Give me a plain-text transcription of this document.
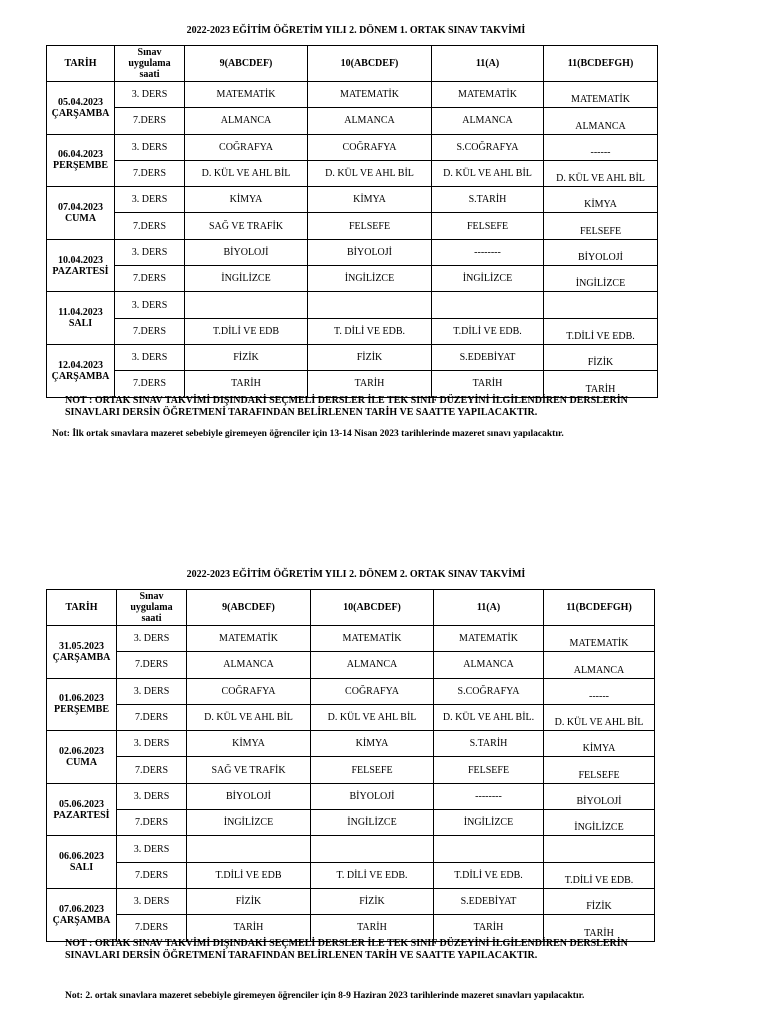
2022-2023 EĞİTİM ÖĞRETİM YILI 2. DÖNEM 1. ORTAK SINAV TAKVİMİ
TARİH	Sınav
uygulama
saati	9(ABCDEF)	10(ABCDEF)	11(A)	11(BCDEFGH)

05.04.2023
ÇARŞAMBA	3. DERS	MATEMATİK	MATEMATİK	MATEMATİK	MATEMATİK
	7.DERS	ALMANCA	ALMANCA	ALMANCA	ALMANCA

06.04.2023
PERŞEMBE	3. DERS	COĞRAFYA	COĞRAFYA	S.COĞRAFYA	------
	7.DERS	D. KÜL VE AHL BİL	D. KÜL VE AHL BİL	D. KÜL VE AHL BİL	D. KÜL VE AHL BİL

07.04.2023
CUMA	3. DERS	KİMYA	KİMYA	S.TARİH	KİMYA
	7.DERS	SAĞ VE TRAFİK	FELSEFE	FELSEFE	FELSEFE

10.04.2023
PAZARTESİ	3. DERS	BİYOLOJİ	BİYOLOJİ	--------	BİYOLOJİ
	7.DERS	İNGİLİZCE	İNGİLİZCE	İNGİLİZCE	İNGİLİZCE

11.04.2023
SALI	3. DERS				
	7.DERS	T.DİLİ VE EDB	T. DİLİ VE EDB.	T.DİLİ VE EDB.	T.DİLİ VE EDB.

12.04.2023
ÇARŞAMBA	3. DERS	FİZİK	FİZİK	S.EDEBİYAT	FİZİK
	7.DERS	TARİH	TARİH	TARİH	TARİH
NOT : ORTAK SINAV TAKVİMİ DIŞINDAKİ SEÇMELİ DERSLER İLE TEK SINIF DÜZEYİNİ İLGİLENDİREN DERSLERİN
SINAVLARI DERSİN ÖĞRETMENİ TARAFINDAN BELİRLENEN TARİH VE SAATTE YAPILACAKTIR.
Not: İlk ortak sınavlara mazeret sebebiyle giremeyen öğrenciler için 13-14 Nisan 2023 tarihlerinde mazeret sınavı yapılacaktır.
2022-2023 EĞİTİM ÖĞRETİM YILI 2. DÖNEM 2. ORTAK SINAV TAKVİMİ
TARİH	Sınav
uygulama
saati	9(ABCDEF)	10(ABCDEF)	11(A)	11(BCDEFGH)

31.05.2023
ÇARŞAMBA	3. DERS	MATEMATİK	MATEMATİK	MATEMATİK	MATEMATİK
	7.DERS	ALMANCA	ALMANCA	ALMANCA	ALMANCA

01.06.2023
PERŞEMBE	3. DERS	COĞRAFYA	COĞRAFYA	S.COĞRAFYA	------
	7.DERS	D. KÜL VE AHL BİL	D. KÜL VE AHL BİL	D. KÜL VE AHL BİL.	D. KÜL VE AHL BİL

02.06.2023
CUMA	3. DERS	KİMYA	KİMYA	S.TARİH	KİMYA
	7.DERS	SAĞ VE TRAFİK	FELSEFE	FELSEFE	FELSEFE

05.06.2023
PAZARTESİ	3. DERS	BİYOLOJİ	BİYOLOJİ	--------	BİYOLOJİ
	7.DERS	İNGİLİZCE	İNGİLİZCE	İNGİLİZCE	İNGİLİZCE

06.06.2023
SALI	3. DERS				
	7.DERS	T.DİLİ VE EDB	T. DİLİ VE EDB.	T.DİLİ VE EDB.	T.DİLİ VE EDB.

07.06.2023
ÇARŞAMBA	3. DERS	FİZİK	FİZİK	S.EDEBİYAT	FİZİK
	7.DERS	TARİH	TARİH	TARİH	TARİH
NOT : ORTAK SINAV TAKVİMİ DIŞINDAKİ SEÇMELİ DERSLER İLE TEK SINIF DÜZEYİNİ İLGİLENDİREN DERSLERİN
SINAVLARI DERSİN ÖĞRETMENİ TARAFINDAN BELİRLENEN TARİH VE SAATTE YAPILACAKTIR.
Not: 2. ortak sınavlara mazeret sebebiyle giremeyen öğrenciler için 8-9 Haziran 2023 tarihlerinde mazeret sınavları yapılacaktır.
